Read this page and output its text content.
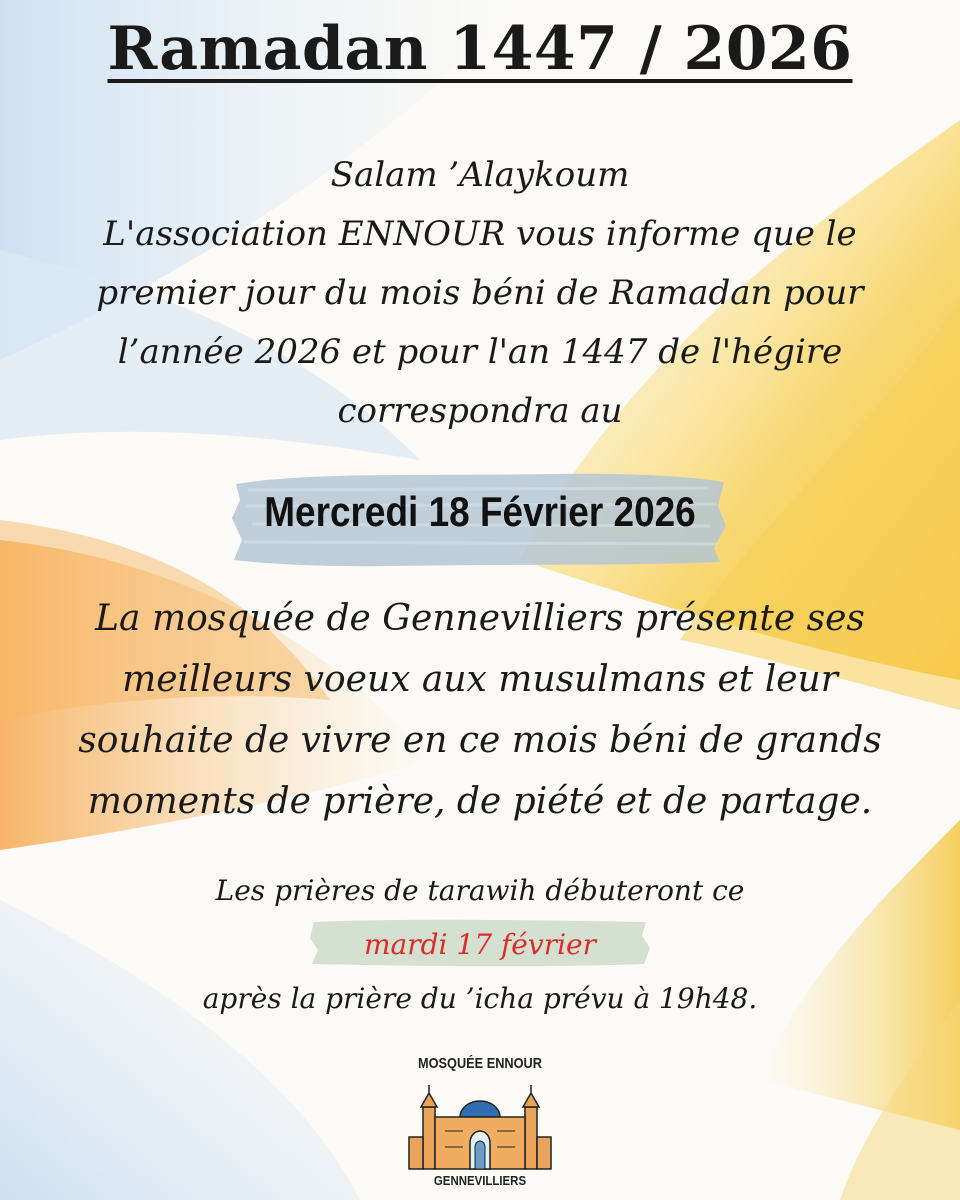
Ramadan 1447 / 2026

Salam ’Alaykoum

L'association ENNOUR vous informe que le

premier jour du mois béni de Ramadan pour

l’année 2026 et pour l'an 1447 de l'hégire

correspondra au

Mercredi 18 Février 2026

La mosquée de Gennevilliers présente ses

meilleurs voeux aux musulmans et leur

souhaite de vivre en ce mois béni de grands

moments de prière, de piété et de partage.

Les prières de tarawih débuteront ce

mardi 17 février

après la prière du ’icha prévu à 19h48.

MOSQUÉE ENNOUR
GENNEVILLIERS
